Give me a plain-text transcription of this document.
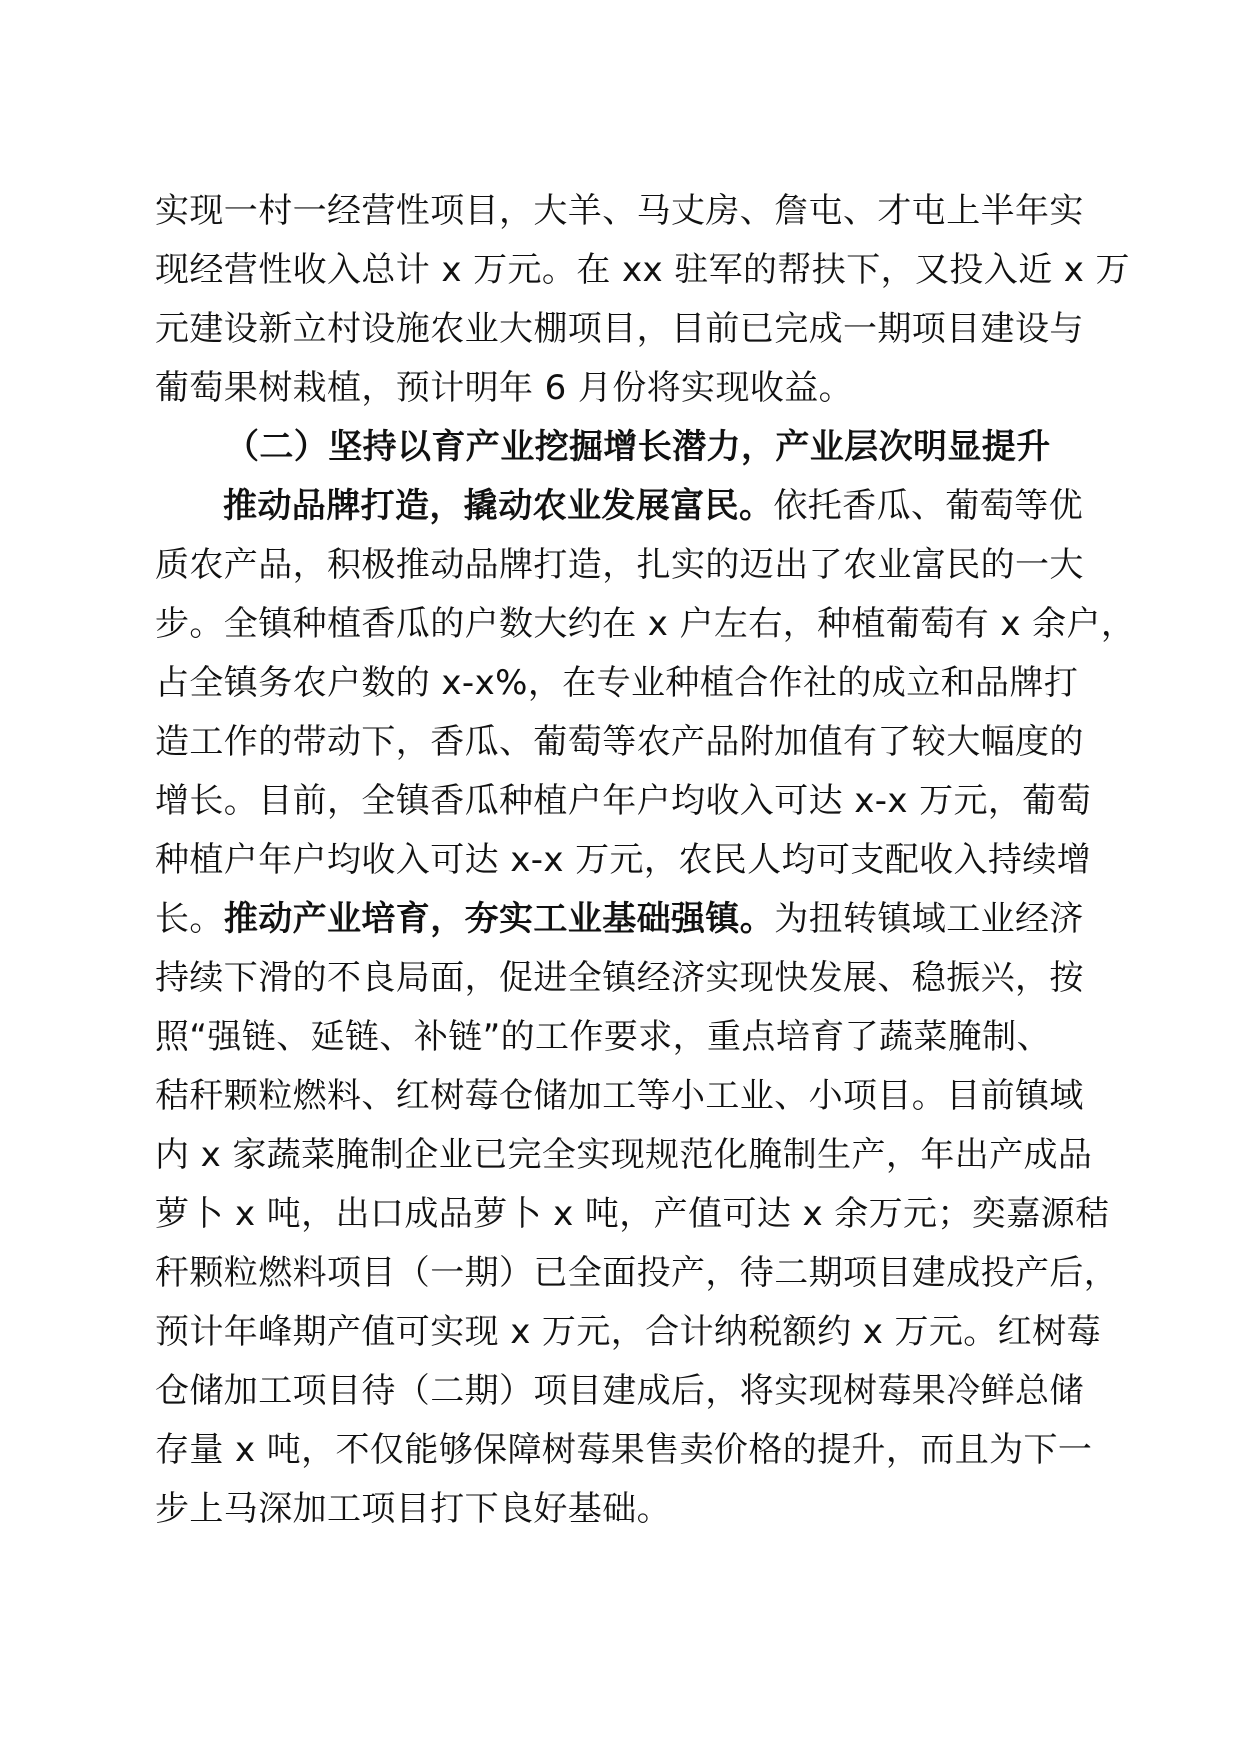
实现一村一经营性项目，大羊、马丈房、詹屯、才屯上半年实
现经营性收入总计 x 万元。在 xx 驻军的帮扶下，又投入近 x 万
元建设新立村设施农业大棚项目，目前已完成一期项目建设与
葡萄果树栽植，预计明年 6 月份将实现收益。
（二）坚持以育产业挖掘增长潜力，产业层次明显提升
推动品牌打造，撬动农业发展富民。依托香瓜、葡萄等优
质农产品，积极推动品牌打造，扎实的迈出了农业富民的一大
步。全镇种植香瓜的户数大约在 x 户左右，种植葡萄有 x 余户，
占全镇务农户数的 x-x%，在专业种植合作社的成立和品牌打
造工作的带动下，香瓜、葡萄等农产品附加值有了较大幅度的
增长。目前，全镇香瓜种植户年户均收入可达 x-x 万元，葡萄
种植户年户均收入可达 x-x 万元，农民人均可支配收入持续增
长。推动产业培育，夯实工业基础强镇。为扭转镇域工业经济
持续下滑的不良局面，促进全镇经济实现快发展、稳振兴，按
照“强链、延链、补链”的工作要求，重点培育了蔬菜腌制、
秸秆颗粒燃料、红树莓仓储加工等小工业、小项目。目前镇域
内 x 家蔬菜腌制企业已完全实现规范化腌制生产，年出产成品
萝卜 x 吨，出口成品萝卜 x 吨，产值可达 x 余万元；奕嘉源秸
秆颗粒燃料项目（一期）已全面投产，待二期项目建成投产后，
预计年峰期产值可实现 x 万元，合计纳税额约 x 万元。红树莓
仓储加工项目待（二期）项目建成后，将实现树莓果冷鲜总储
存量 x 吨，不仅能够保障树莓果售卖价格的提升，而且为下一
步上马深加工项目打下良好基础。
